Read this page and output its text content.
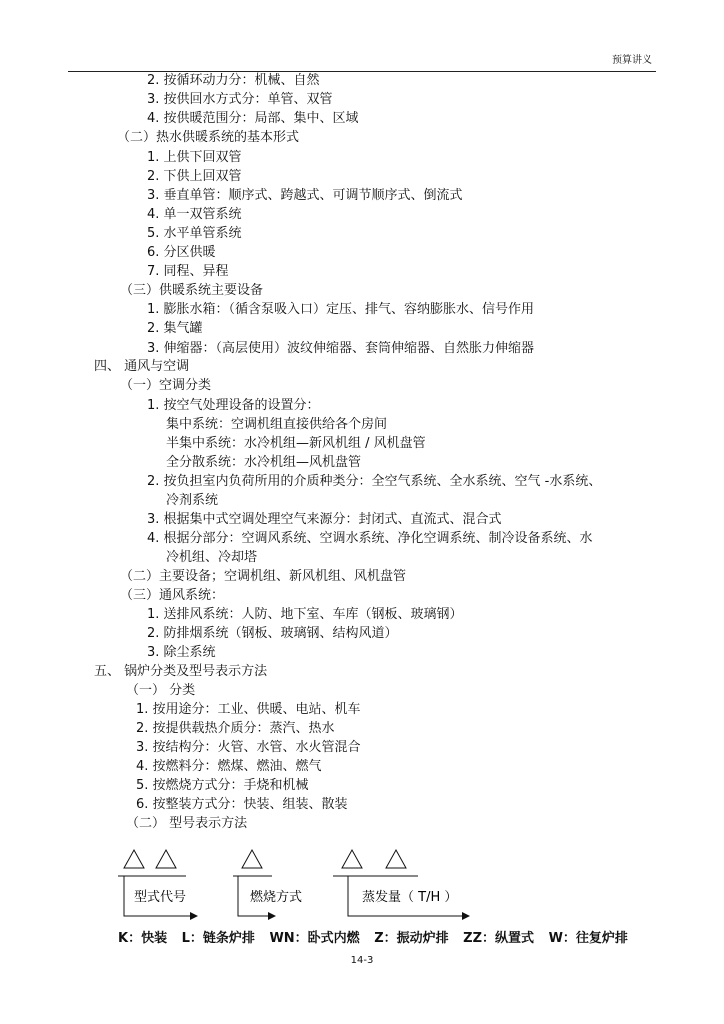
预算讲义
2. 按循环动力分：机械、自然
3. 按供回水方式分：单管、双管
4. 按供暖范围分：局部、集中、区域
（二）热水供暖系统的基本形式
1. 上供下回双管
2. 下供上回双管
3. 垂直单管：顺序式、跨越式、可调节顺序式、倒流式
4. 单一双管系统
5. 水平单管系统
6. 分区供暖
7. 同程、异程
（三）供暖系统主要设备
1. 膨胀水箱：（循含泵吸入口）定压、排气、容纳膨胀水、信号作用
2. 集气罐
3. 伸缩器：（高层使用）波纹伸缩器、套筒伸缩器、自然胀力伸缩器
四、 通风与空调
（一）空调分类
1. 按空气处理设备的设置分：
集中系统：空调机组直接供给各个房间
半集中系统：水冷机组—新风机组 / 风机盘管
全分散系统：水冷机组—风机盘管
2. 按负担室内负荷所用的介质种类分：全空气系统、全水系统、空气 -水系统、
冷剂系统
3. 根据集中式空调处理空气来源分：封闭式、直流式、混合式
4. 根据分部分：空调风系统、空调水系统、净化空调系统、制冷设备系统、水
冷机组、冷却塔
（二）主要设备；空调机组、新风机组、风机盘管
（三）通风系统：
1. 送排风系统：人防、地下室、车库（钢板、玻璃钢）
2. 防排烟系统（钢板、玻璃钢、结构风道）
3. 除尘系统
五、 锅炉分类及型号表示方法
（一） 分类
1. 按用途分：工业、供暖、电站、机车
2. 按提供载热介质分：蒸汽、热水
3. 按结构分：火管、水管、水火管混合
4. 按燃料分：燃煤、燃油、燃气
5. 按燃烧方式分：手烧和机械
6. 按整装方式分：快装、组装、散装
（二） 型号表示方法
型式代号	燃烧方式	蒸发量（ T/H ）
K：快装 L：链条炉排 WN：卧式内燃 Z：振动炉排 ZZ：纵置式 W：往复炉排
14-3
